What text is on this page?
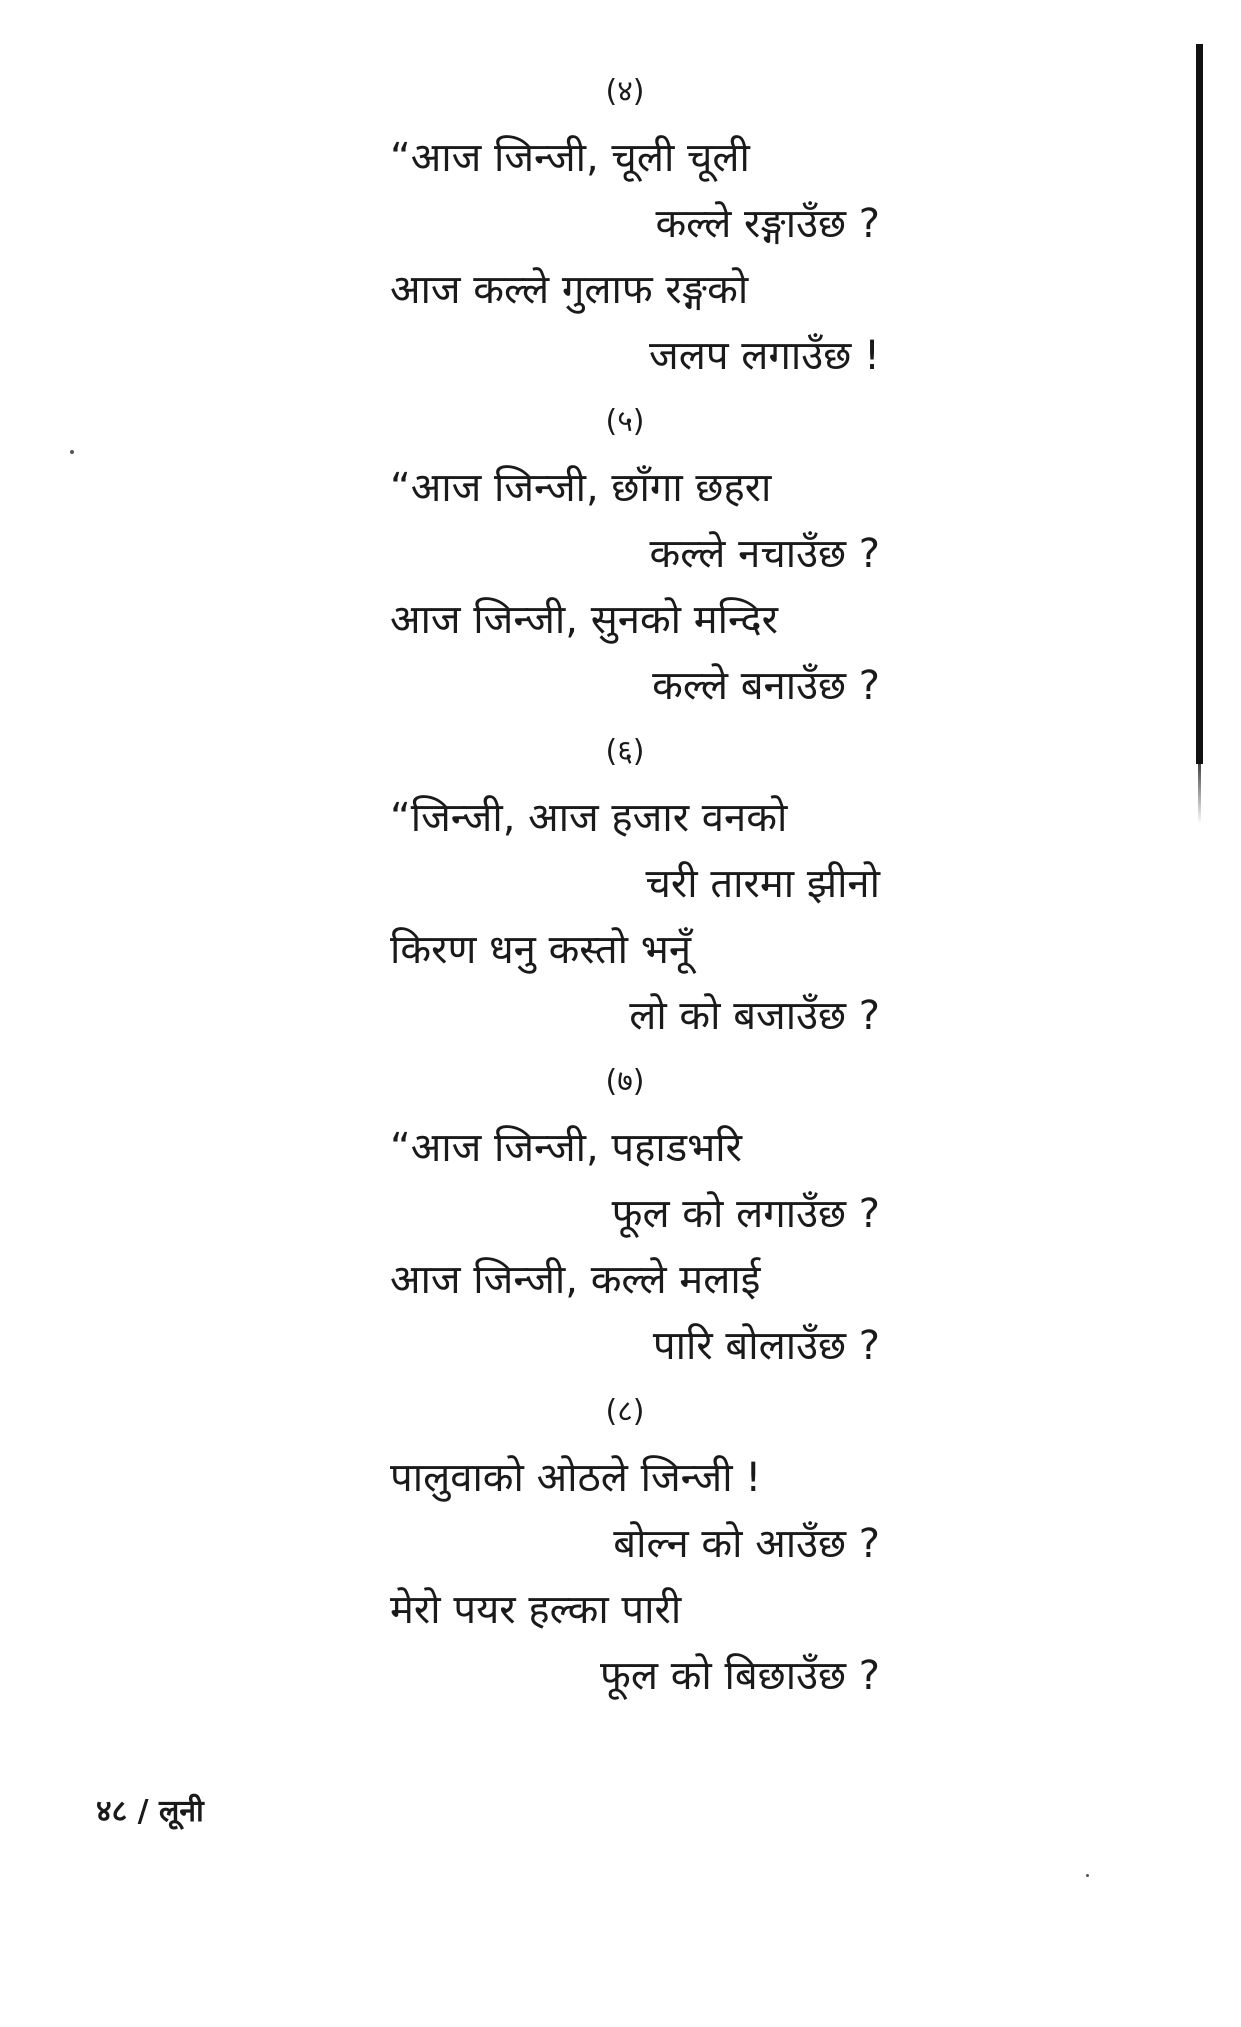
(४)
“आज जिन्जी, चूली चूली
कल्ले रङ्गाउँछ ?
आज कल्ले गुलाफ रङ्गको
जलप लगाउँछ !
(५)
“आज जिन्जी, छाँगा छहरा
कल्ले नचाउँछ ?
आज जिन्जी, सुनको मन्दिर
कल्ले बनाउँछ ?
(६)
“जिन्जी, आज हजार वनको
चरी तारमा झीनो
किरण धनु कस्तो भनूँ
लो को बजाउँछ ?
(७)
“आज जिन्जी, पहाडभरि
फूल को लगाउँछ ?
आज जिन्जी, कल्ले मलाई
पारि बोलाउँछ ?
(८)
पालुवाको ओठले जिन्जी !
बोल्न को आउँछ ?
मेरो पयर हल्का पारी
फूल को बिछाउँछ ?
४८ / लूनी
